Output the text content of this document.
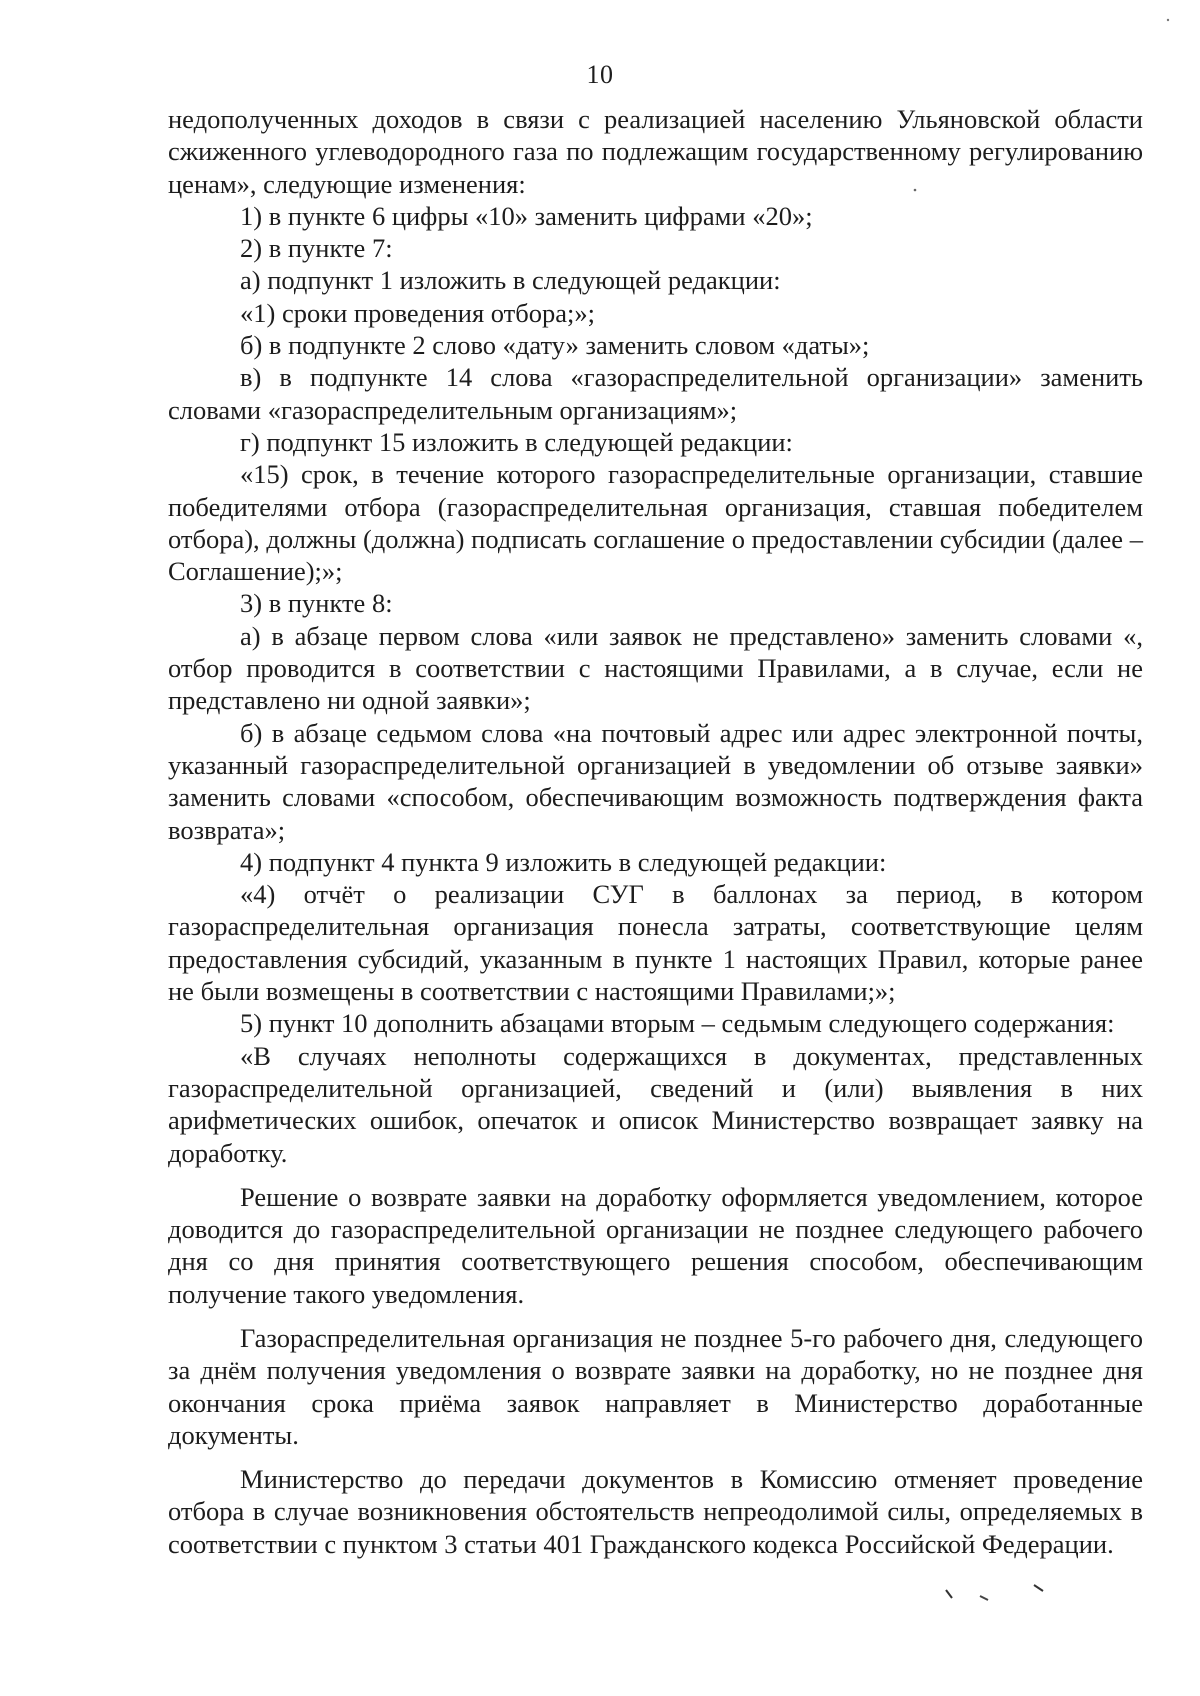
10

недополученных доходов в связи с реализацией населению Ульяновской области сжиженного углеводородного газа по подлежащим государственному регулированию ценам», следующие изменения:

1) в пункте 6 цифры «10» заменить цифрами «20»;

2) в пункте 7:

а) подпункт 1 изложить в следующей редакции:

«1) сроки проведения отбора;»;

б) в подпункте 2 слово «дату» заменить словом «даты»;

в) в подпункте 14 слова «газораспределительной организации» заменить словами «газораспределительным организациям»;

г) подпункт 15 изложить в следующей редакции:

«15) срок, в течение которого газораспределительные организации, ставшие победителями отбора (газораспределительная организация, ставшая победителем отбора), должны (должна) подписать соглашение о предоставлении субсидии (далее – Соглашение);»;

3) в пункте 8:

а) в абзаце первом слова «или заявок не представлено» заменить словами «, отбор проводится в соответствии с настоящими Правилами, а в случае, если не представлено ни одной заявки»;

б) в абзаце седьмом слова «на почтовый адрес или адрес электронной почты, указанный газораспределительной организацией в уведомлении об отзыве заявки» заменить словами «способом, обеспечивающим возможность подтверждения факта возврата»;

4) подпункт 4 пункта 9 изложить в следующей редакции:

«4) отчёт о реализации СУГ в баллонах за период, в котором газораспределительная организация понесла затраты, соответствующие целям предоставления субсидий, указанным в пункте 1 настоящих Правил, которые ранее не были возмещены в соответствии с настоящими Правилами;»;

5) пункт 10 дополнить абзацами вторым – седьмым следующего содержания:

«В случаях неполноты содержащихся в документах, представленных газораспределительной организацией, сведений и (или) выявления в них арифметических ошибок, опечаток и описок Министерство возвращает заявку на доработку.

Решение о возврате заявки на доработку оформляется уведомлением, которое доводится до газораспределительной организации не позднее следующего рабочего дня со дня принятия соответствующего решения способом, обеспечивающим получение такого уведомления.

Газораспределительная организация не позднее 5-го рабочего дня, следующего за днём получения уведомления о возврате заявки на доработку, но не позднее дня окончания срока приёма заявок направляет в Министерство доработанные документы.

Министерство до передачи документов в Комиссию отменяет проведение отбора в случае возникновения обстоятельств непреодолимой силы, определяемых в соответствии с пунктом 3 статьи 401 Гражданского кодекса Российской Федерации.
